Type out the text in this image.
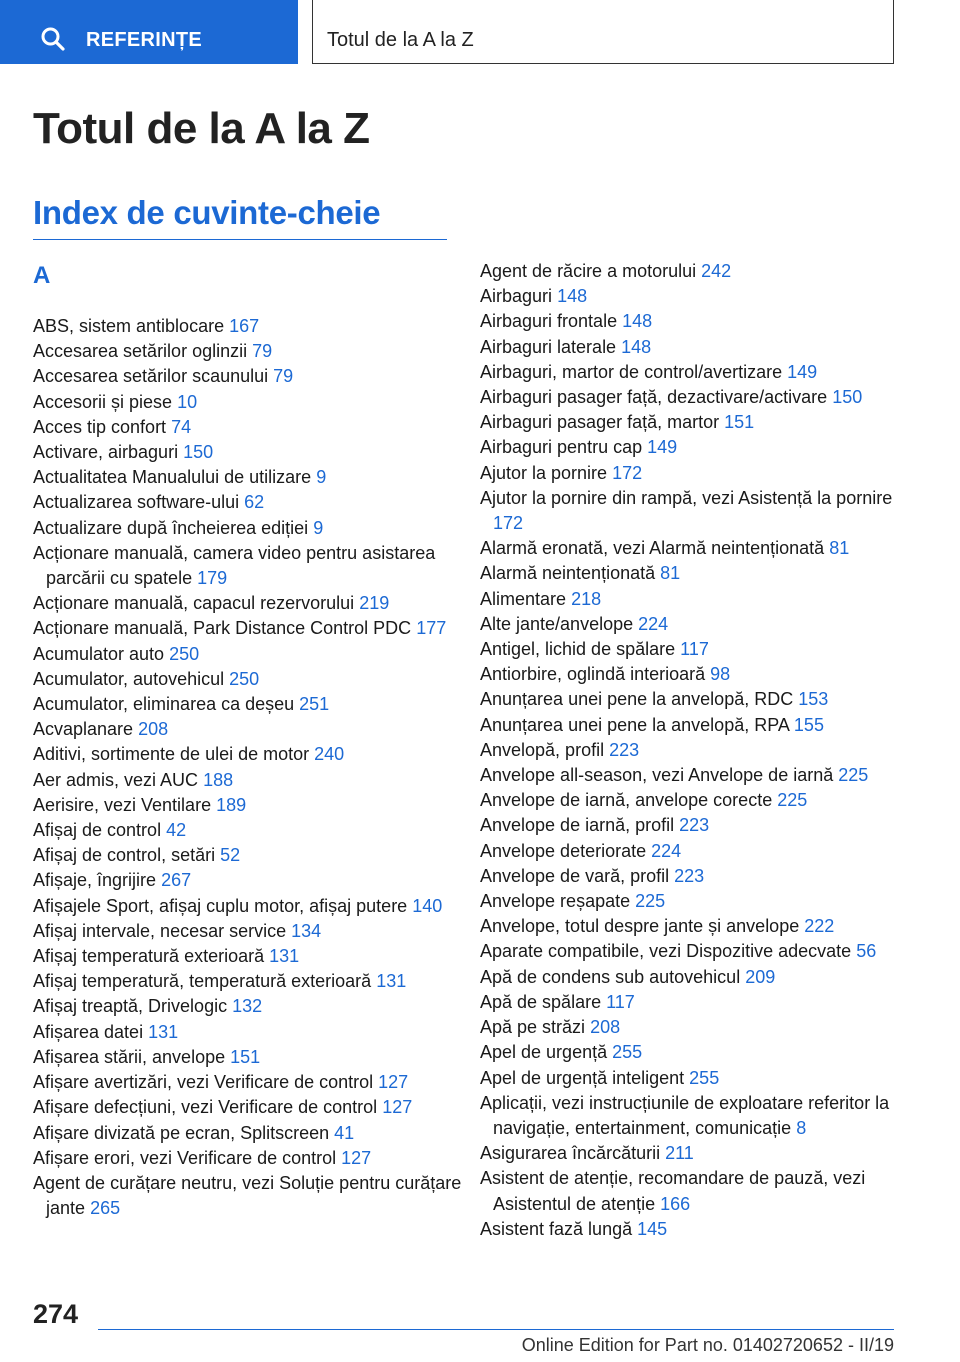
REFERINȚE	Totul de la A la Z
Totul de la A la Z
Index de cuvinte-cheie
A
ABS, sistem antiblocare 167
Accesarea setărilor oglinzii 79
Accesarea setărilor scaunului 79
Accesorii și piese 10
Acces tip confort 74
Activare, airbaguri 150
Actualitatea Manualului de utilizare 9
Actualizarea software-ului 62
Actualizare după încheierea ediției 9
Acționare manuală, camera video pentru asistarea parcării cu spatele 179
Acționare manuală, capacul rezervorului 219
Acționare manuală, Park Distance Control PDC 177
Acumulator auto 250
Acumulator, autovehicul 250
Acumulator, eliminarea ca deșeu 251
Acvaplanare 208
Aditivi, sortimente de ulei de motor 240
Aer admis, vezi AUC 188
Aerisire, vezi Ventilare 189
Afișaj de control 42
Afișaj de control, setări 52
Afișaje, îngrijire 267
Afișajele Sport, afișaj cuplu motor, afișaj putere 140
Afișaj intervale, necesar service 134
Afișaj temperatură exterioară 131
Afișaj temperatură, temperatură exterioară 131
Afișaj treaptă, Drivelogic 132
Afișarea datei 131
Afișarea stării, anvelope 151
Afișare avertizări, vezi Verificare de control 127
Afișare defecțiuni, vezi Verificare de control 127
Afișare divizată pe ecran, Splitscreen 41
Afișare erori, vezi Verificare de control 127
Agent de curățare neutru, vezi Soluție pentru curățare jante 265
Agent de răcire a motorului 242
Airbaguri 148
Airbaguri frontale 148
Airbaguri laterale 148
Airbaguri, martor de control/avertizare 149
Airbaguri pasager față, dezactivare/activare 150
Airbaguri pasager față, martor 151
Airbaguri pentru cap 149
Ajutor la pornire 172
Ajutor la pornire din rampă, vezi Asistență la pornire 172
Alarmă eronată, vezi Alarmă neintenționată 81
Alarmă neintenționată 81
Alimentare 218
Alte jante/anvelope 224
Antigel, lichid de spălare 117
Antiorbire, oglindă interioară 98
Anunțarea unei pene la anvelopă, RDC 153
Anunțarea unei pene la anvelopă, RPA 155
Anvelopă, profil 223
Anvelope all-season, vezi Anvelope de iarnă 225
Anvelope de iarnă, anvelope corecte 225
Anvelope de iarnă, profil 223
Anvelope deteriorate 224
Anvelope de vară, profil 223
Anvelope reșapate 225
Anvelope, totul despre jante și anvelope 222
Aparate compatibile, vezi Dispozitive adecvate 56
Apă de condens sub autovehicul 209
Apă de spălare 117
Apă pe străzi 208
Apel de urgență 255
Apel de urgență inteligent 255
Aplicații, vezi instrucțiunile de exploatare referitor la navigație, entertainment, comunicație 8
Asigurarea încărcăturii 211
Asistent de atenție, recomandare de pauză, vezi Asistentul de atenție 166
Asistent fază lungă 145
274
Online Edition for Part no. 01402720652 - II/19
